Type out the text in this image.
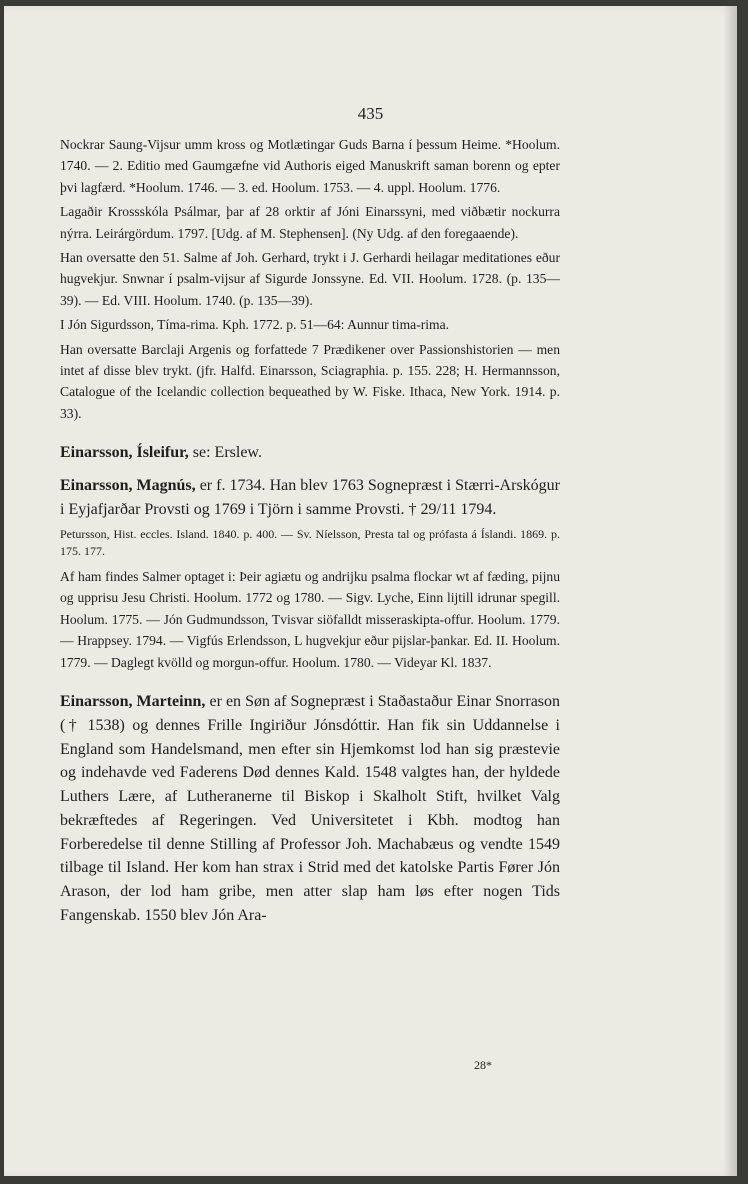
435

Nockrar Saung-Vijsur umm kross og Motlætingar Guds Barna í þessum Heime. *Hoolum. 1740. — 2. Editio med Gaumgæfne vid Authoris eiged Manuskrift saman borenn og epter þvi lagfærd. *Hoolum. 1746. — 3. ed. Hoolum. 1753. — 4. uppl. Hoolum. 1776.

Lagaðir Krossskóla Psálmar, þar af 28 orktir af Jóni Einarssyni, med viðbætir nockurra nýrra. Leirárgördum. 1797. [Udg. af M. Stephensen]. (Ny Udg. af den foregaaende).

Han oversatte den 51. Salme af Joh. Gerhard, trykt i J. Gerhardi heilagar meditationes eður hugvekjur. Snwnar í psalm-vijsur af Sigurde Jonssyne. Ed. VII. Hoolum. 1728. (p. 135—39). — Ed. VIII. Hoolum. 1740. (p. 135—39).

I Jón Sigurdsson, Tíma-rima. Kph. 1772. p. 51—64: Aunnur tima-rima.

Han oversatte Barclaji Argenis og forfattede 7 Prædikener over Passionshistorien — men intet af disse blev trykt. (jfr. Halfd. Einarsson, Sciagraphia. p. 155. 228; H. Hermannsson, Catalogue of the Icelandic collection bequeathed by W. Fiske. Ithaca, New York. 1914. p. 33).

Einarsson, Ísleifur, se: Erslew.

Einarsson, Magnús, er f. 1734. Han blev 1763 Sognepræst i Stærri-Arskógur i Eyjafjarðar Provsti og 1769 i Tjörn i samme Provsti. † 29/11 1794.

Petursson, Hist. eccles. Island. 1840. p. 400. — Sv. Níelsson, Presta tal og prófasta á Íslandi. 1869. p. 175. 177.

Af ham findes Salmer optaget i: Þeir agiætu og andrijku psalma flockar wt af fæding, pijnu og upprisu Jesu Christi. Hoolum. 1772 og 1780. — Sigv. Lyche, Einn lijtill idrunar spegill. Hoolum. 1775. — Jón Gudmundsson, Tvisvar siöfalldt misseraskipta-offur. Hoolum. 1779. — Hrappsey. 1794. — Vigfús Erlendsson, L hugvekjur eður pijslar-þankar. Ed. II. Hoolum. 1779. — Daglegt kvölld og morgun-offur. Hoolum. 1780. — Videyar Kl. 1837.

Einarsson, Marteinn, er en Søn af Sognepræst i Staðastaður Einar Snorrason († 1538) og dennes Frille Ingiriður Jónsdóttir. Han fik sin Uddannelse i England som Handelsmand, men efter sin Hjemkomst lod han sig præstevie og indehavde ved Faderens Død dennes Kald. 1548 valgtes han, der hyldede Luthers Lære, af Lutheranerne til Biskop i Skalholt Stift, hvilket Valg bekræftedes af Regeringen. Ved Universitetet i Kbh. modtog han Forberedelse til denne Stilling af Professor Joh. Machabæus og vendte 1549 tilbage til Island. Her kom han strax i Strid med det katolske Partis Fører Jón Arason, der lod ham gribe, men atter slap ham løs efter nogen Tids Fangenskab. 1550 blev Jón Ara-

28*
